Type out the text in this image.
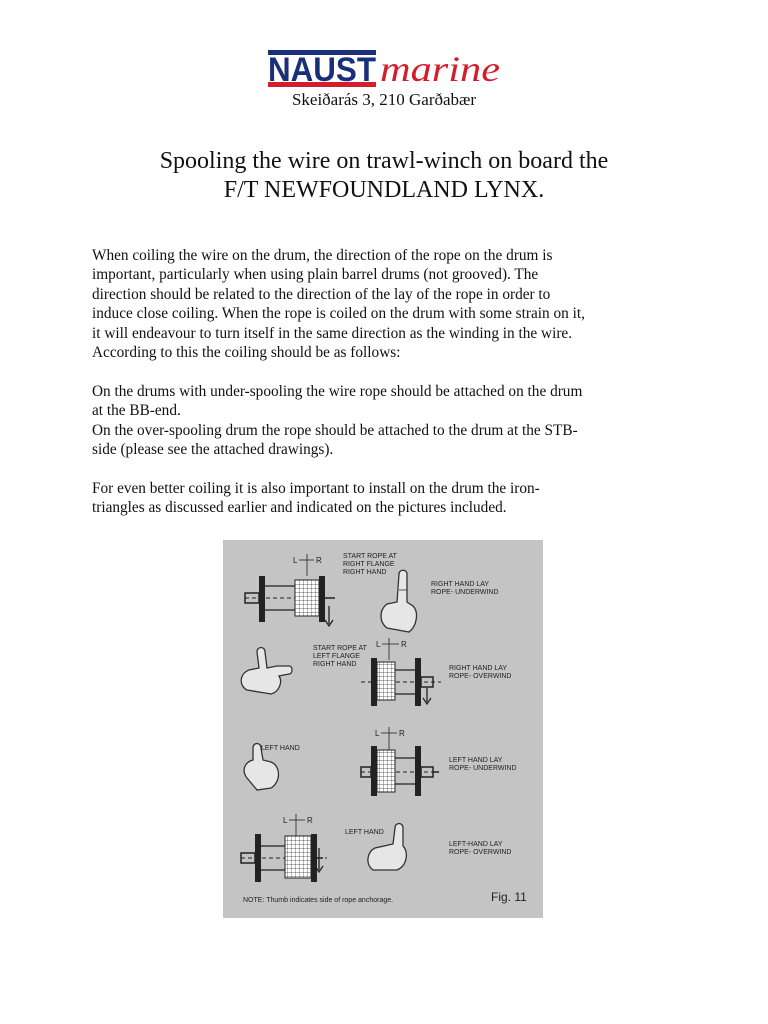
NAUST marine
Skeiðarás 3, 210 Garðabær
Spooling the wire on trawl-winch on board the
F/T NEWFOUNDLAND LYNX.

When coiling the wire on the drum, the direction of the rope on the drum is
important, particularly when using plain barrel drums (not grooved). The
direction should be related to the direction of the lay of the rope in order to
induce close coiling. When the rope is coiled on the drum with some strain on it,
it will endeavour to turn itself in the same direction as the winding in the wire.
According to this the coiling should be as follows:

On the drums with under-spooling the wire rope should be attached on the drum
at the BB-end.
On the over-spooling drum the rope should be attached to the drum at the STB-
side (please see the attached drawings).

For even better coiling it is also important to install on the drum the iron-
triangles as discussed earlier and indicated on the pictures included.

L R	START ROPE AT RIGHT FLANGE RIGHT HAND
RIGHT HAND LAY ROPE- UNDERWIND
L	R
START ROPE AT LEFT FLANGE RIGHT HAND
RIGHT HAND LAY ROPE- OVERWIND
L R
LEFT HAND
LEFT HAND LAY ROPE- UNDERWIND
L R
LEFT HAND
LEFT-HAND LAY ROPE- OVERWIND
NOTE: Thumb indicates side of rope anchorage.	Fig. 11
